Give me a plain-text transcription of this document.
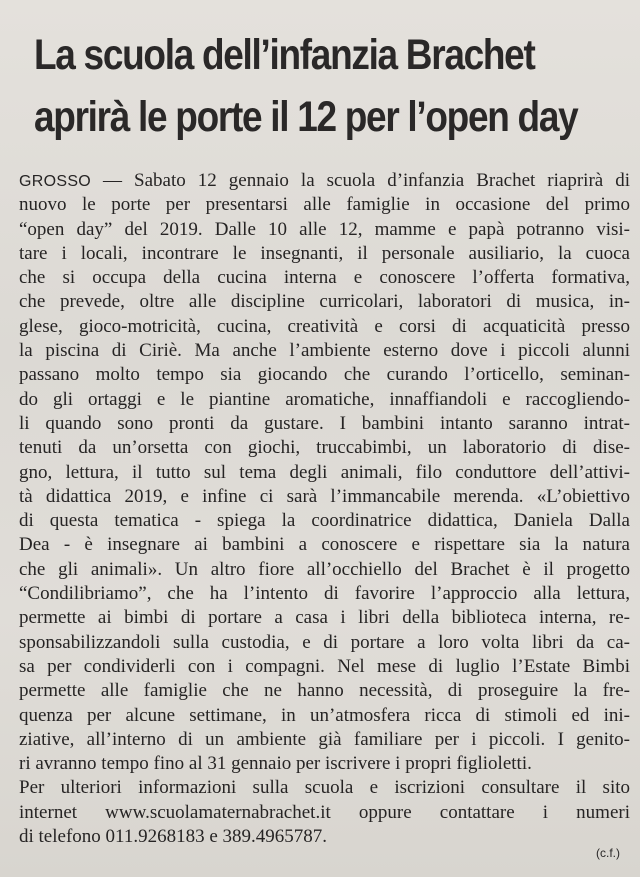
La scuola dell’infanzia Brachet
aprirà le porte il 12 per l’open day
GROSSO — Sabato 12 gennaio la scuola d’infanzia Brachet riaprirà di
nuovo le porte per presentarsi alle famiglie in occasione del primo
“open day” del 2019. Dalle 10 alle 12, mamme e papà potranno visi-
tare i locali, incontrare le insegnanti, il personale ausiliario, la cuoca
che si occupa della cucina interna e conoscere l’offerta formativa,
che prevede, oltre alle discipline curricolari, laboratori di musica, in-
glese, gioco-motricità, cucina, creatività e corsi di acquaticità presso
la piscina di Ciriè. Ma anche l’ambiente esterno dove i piccoli alunni
passano molto tempo sia giocando che curando l’orticello, seminan-
do gli ortaggi e le piantine aromatiche, innaffiandoli e raccogliendo-
li quando sono pronti da gustare. I bambini intanto saranno intrat-
tenuti da un’orsetta con giochi, truccabimbi, un laboratorio di dise-
gno, lettura, il tutto sul tema degli animali, filo conduttore dell’attivi-
tà didattica 2019, e infine ci sarà l’immancabile merenda. «L’obiettivo
di questa tematica - spiega la coordinatrice didattica, Daniela Dalla
Dea - è insegnare ai bambini a conoscere e rispettare sia la natura
che gli animali». Un altro fiore all’occhiello del Brachet è il progetto
“Condilibriamo”, che ha l’intento di favorire l’approccio alla lettura,
permette ai bimbi di portare a casa i libri della biblioteca interna, re-
sponsabilizzandoli sulla custodia, e di portare a loro volta libri da ca-
sa per condividerli con i compagni. Nel mese di luglio l’Estate Bimbi
permette alle famiglie che ne hanno necessità, di proseguire la fre-
quenza per alcune settimane, in un’atmosfera ricca di stimoli ed ini-
ziative, all’interno di un ambiente già familiare per i piccoli. I genito-
ri avranno tempo fino al 31 gennaio per iscrivere i propri figlioletti.
Per ulteriori informazioni sulla scuola e iscrizioni consultare il sito
internet www.scuolamaternabrachet.it oppure contattare i numeri
di telefono 011.9268183 e 389.4965787.
(c.f.)
